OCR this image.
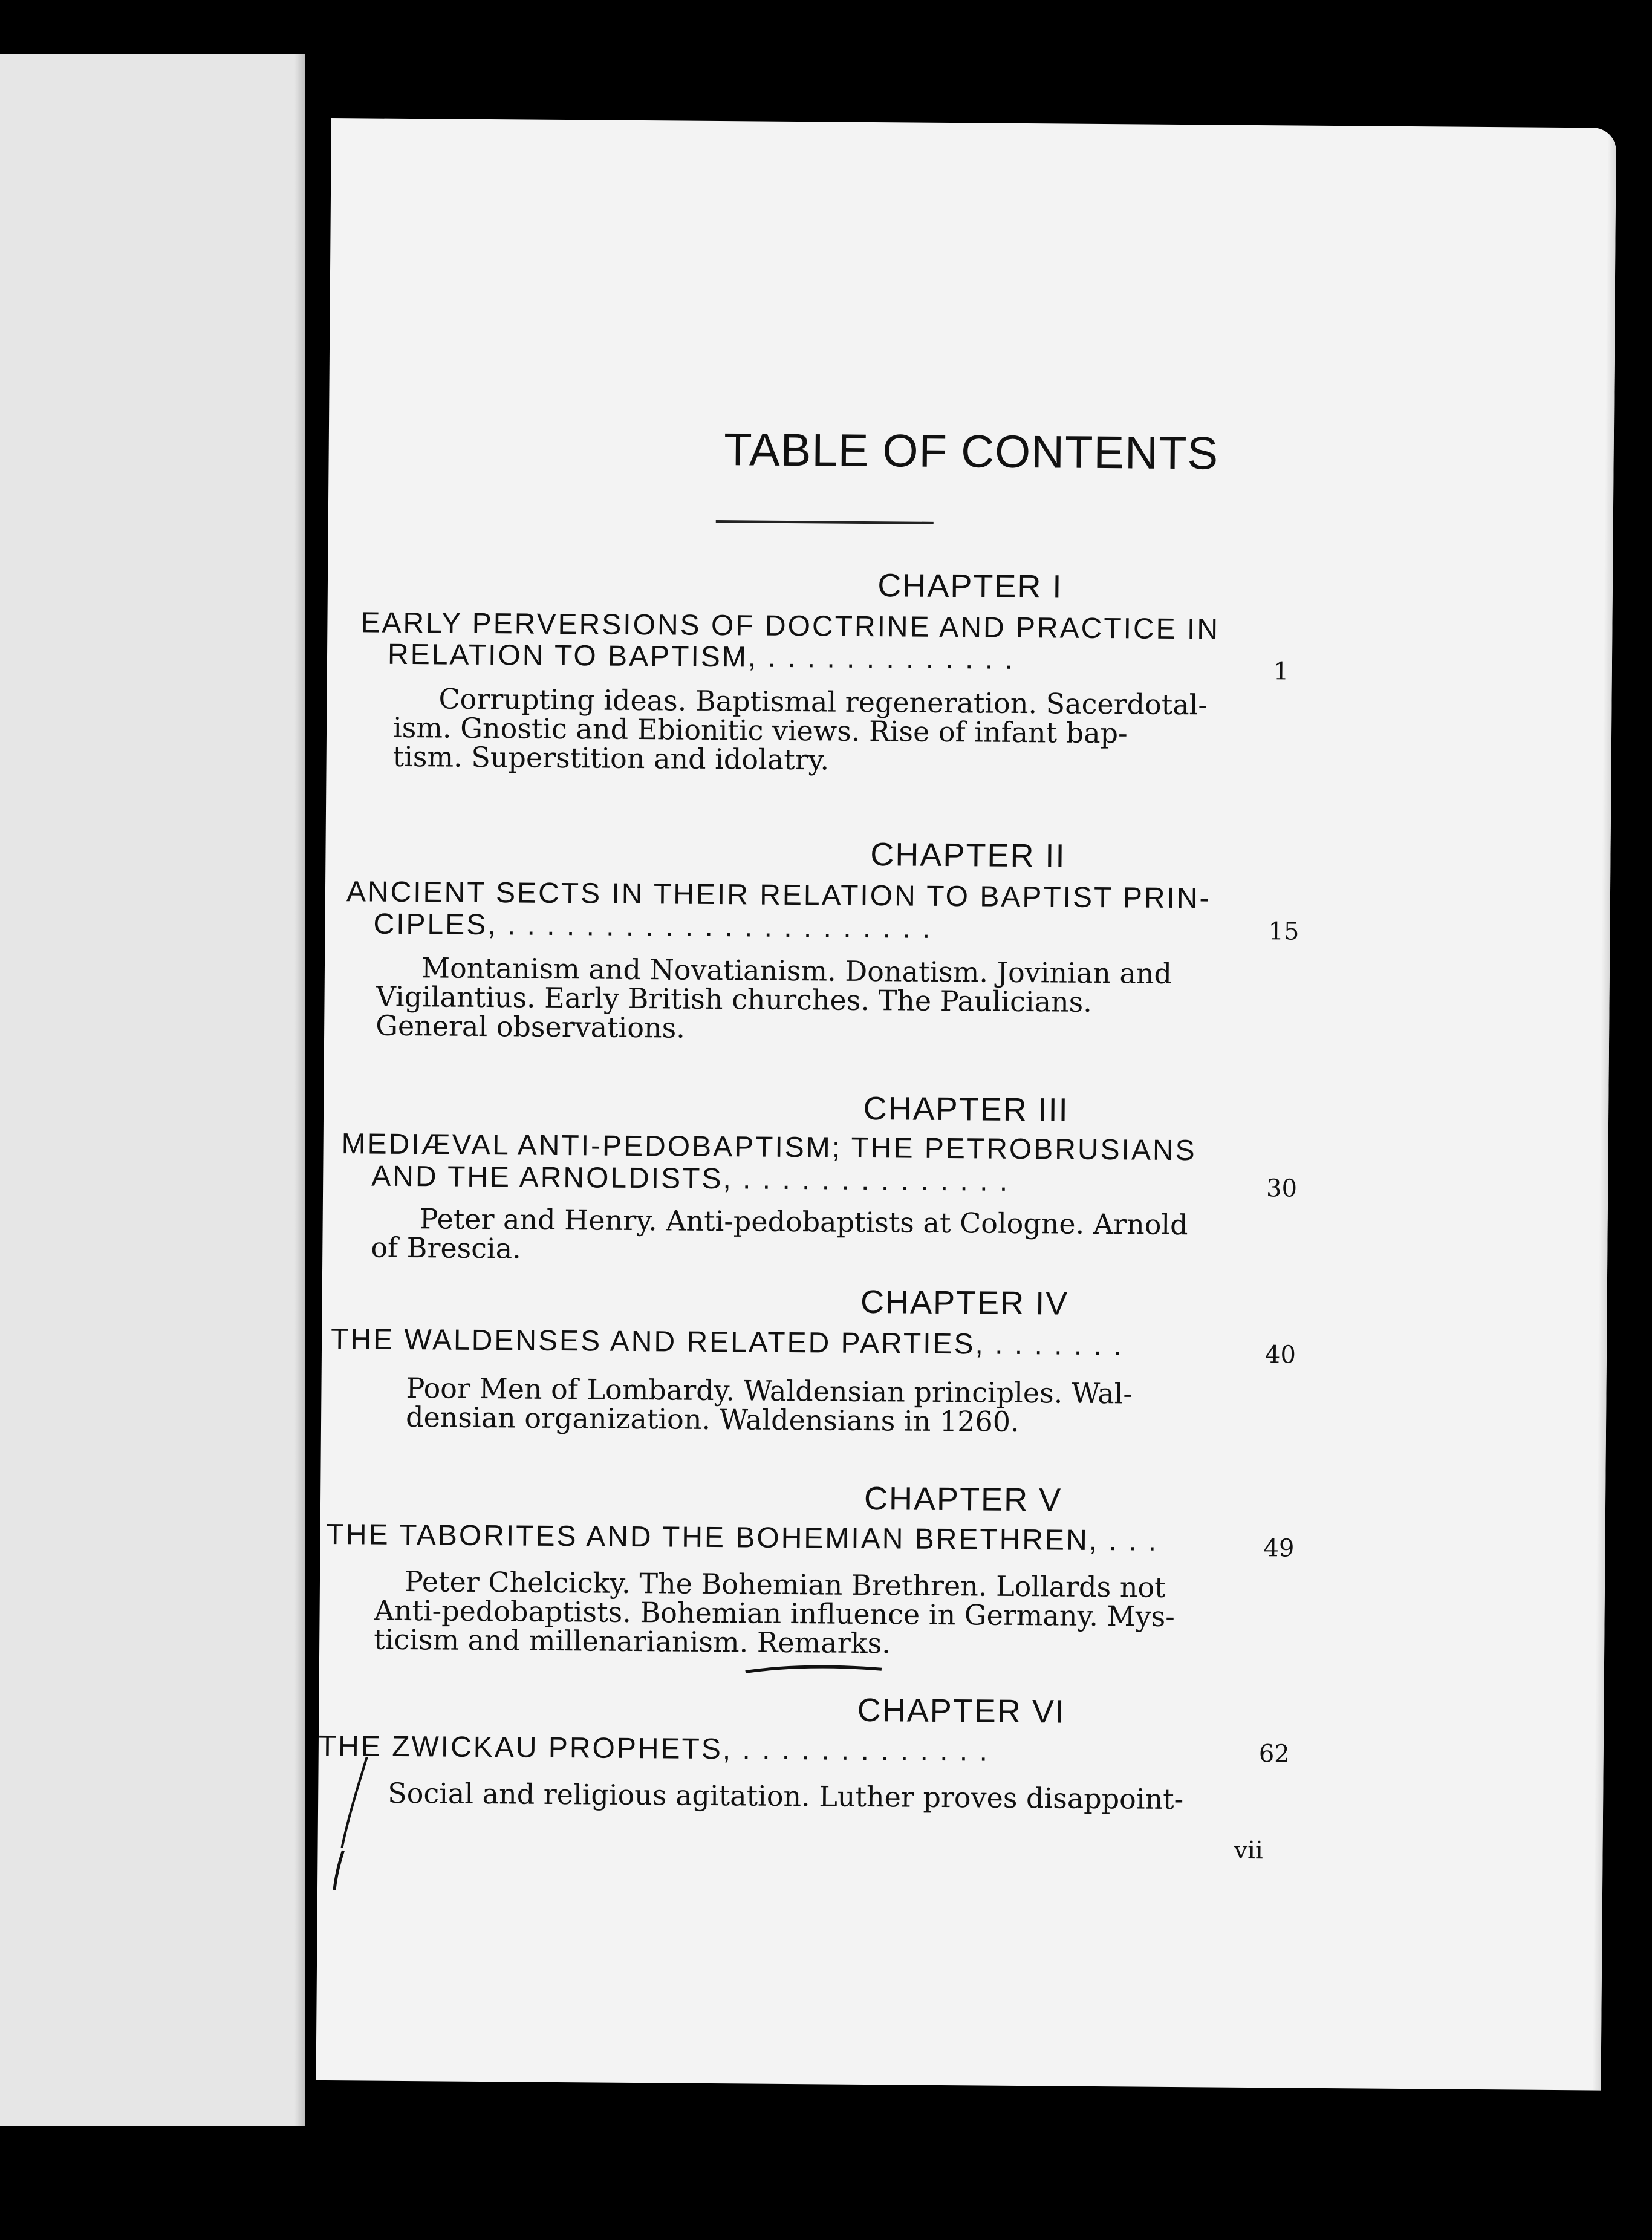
TABLE OF CONTENTS
CHAPTER I
EARLY PERVERSIONS OF DOCTRINE AND PRACTICE IN
RELATION TO BAPTISM, . . . . . . . . . . . . .	1
Corrupting ideas. Baptismal regeneration. Sacerdotal-
ism. Gnostic and Ebionitic views. Rise of infant bap-
tism. Superstition and idolatry.
CHAPTER II
ANCIENT SECTS IN THEIR RELATION TO BAPTIST PRIN-
CIPLES, . . . . . . . . . . . . . . . . . . . . . .	15
Montanism and Novatianism. Donatism. Jovinian and
Vigilantius. Early British churches. The Paulicians.
General observations.
CHAPTER III
MEDIÆVAL ANTI-PEDOBAPTISM; THE PETROBRUSIANS
AND THE ARNOLDISTS, . . . . . . . . . . . . . .	30
Peter and Henry. Anti-pedobaptists at Cologne. Arnold
of Brescia.
CHAPTER IV
THE WALDENSES AND RELATED PARTIES, . . . . . . .	40
Poor Men of Lombardy. Waldensian principles. Wal-
densian organization. Waldensians in 1260.
CHAPTER V
THE TABORITES AND THE BOHEMIAN BRETHREN, . . .	49
Peter Chelcicky. The Bohemian Brethren. Lollards not
Anti-pedobaptists. Bohemian influence in Germany. Mys-
ticism and millenarianism. Remarks.
CHAPTER VI
THE ZWICKAU PROPHETS, . . . . . . . . . . . . .	62
Social and religious agitation. Luther proves disappoint-
vii
